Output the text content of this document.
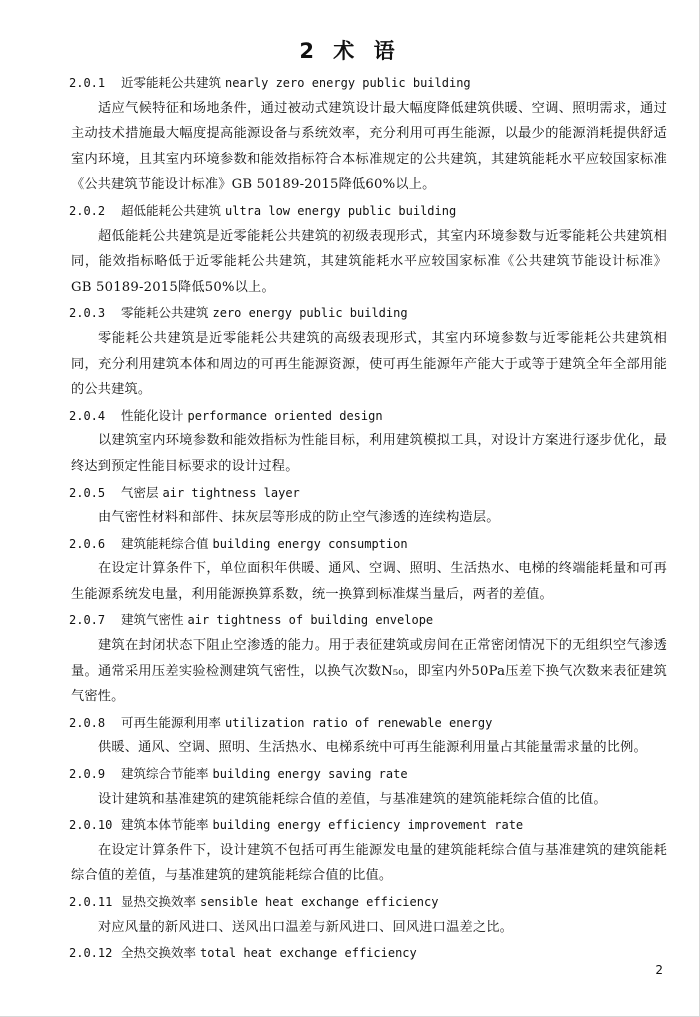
2 术 语

2.0.1 近零能耗公共建筑 nearly zero energy public building

适应气候特征和场地条件，通过被动式建筑设计最大幅度降低建筑供暖、空调、照明需求，通过主动技术措施最大幅度提高能源设备与系统效率，充分利用可再生能源，以最少的能源消耗提供舒适室内环境，且其室内环境参数和能效指标符合本标准规定的公共建筑，其建筑能耗水平应较国家标准《公共建筑节能设计标准》GB 50189-2015降低60%以上。

2.0.2 超低能耗公共建筑 ultra low energy public building

超低能耗公共建筑是近零能耗公共建筑的初级表现形式，其室内环境参数与近零能耗公共建筑相同，能效指标略低于近零能耗公共建筑，其建筑能耗水平应较国家标准《公共建筑节能设计标准》GB 50189-2015降低50%以上。

2.0.3 零能耗公共建筑 zero energy public building

零能耗公共建筑是近零能耗公共建筑的高级表现形式，其室内环境参数与近零能耗公共建筑相同，充分利用建筑本体和周边的可再生能源资源，使可再生能源年产能大于或等于建筑全年全部用能的公共建筑。

2.0.4 性能化设计 performance oriented design

以建筑室内环境参数和能效指标为性能目标，利用建筑模拟工具，对设计方案进行逐步优化，最终达到预定性能目标要求的设计过程。

2.0.5 气密层 air tightness layer

由气密性材料和部件、抹灰层等形成的防止空气渗透的连续构造层。

2.0.6 建筑能耗综合值 building energy consumption

在设定计算条件下，单位面积年供暖、通风、空调、照明、生活热水、电梯的终端能耗量和可再生能源系统发电量，利用能源换算系数，统一换算到标准煤当量后，两者的差值。

2.0.7 建筑气密性 air tightness of building envelope

建筑在封闭状态下阻止空渗透的能力。用于表征建筑或房间在正常密闭情况下的无组织空气渗透量。通常采用压差实验检测建筑气密性，以换气次数N₅₀，即室内外50Pa压差下换气次数来表征建筑气密性。

2.0.8 可再生能源利用率 utilization ratio of renewable energy

供暖、通风、空调、照明、生活热水、电梯系统中可再生能源利用量占其能量需求量的比例。

2.0.9 建筑综合节能率 building energy saving rate

设计建筑和基准建筑的建筑能耗综合值的差值，与基准建筑的建筑能耗综合值的比值。

2.0.10 建筑本体节能率 building energy efficiency improvement rate

在设定计算条件下，设计建筑不包括可再生能源发电量的建筑能耗综合值与基准建筑的建筑能耗综合值的差值，与基准建筑的建筑能耗综合值的比值。

2.0.11 显热交换效率 sensible heat exchange efficiency

对应风量的新风进口、送风出口温差与新风进口、回风进口温差之比。

2.0.12 全热交换效率 total heat exchange efficiency

2
